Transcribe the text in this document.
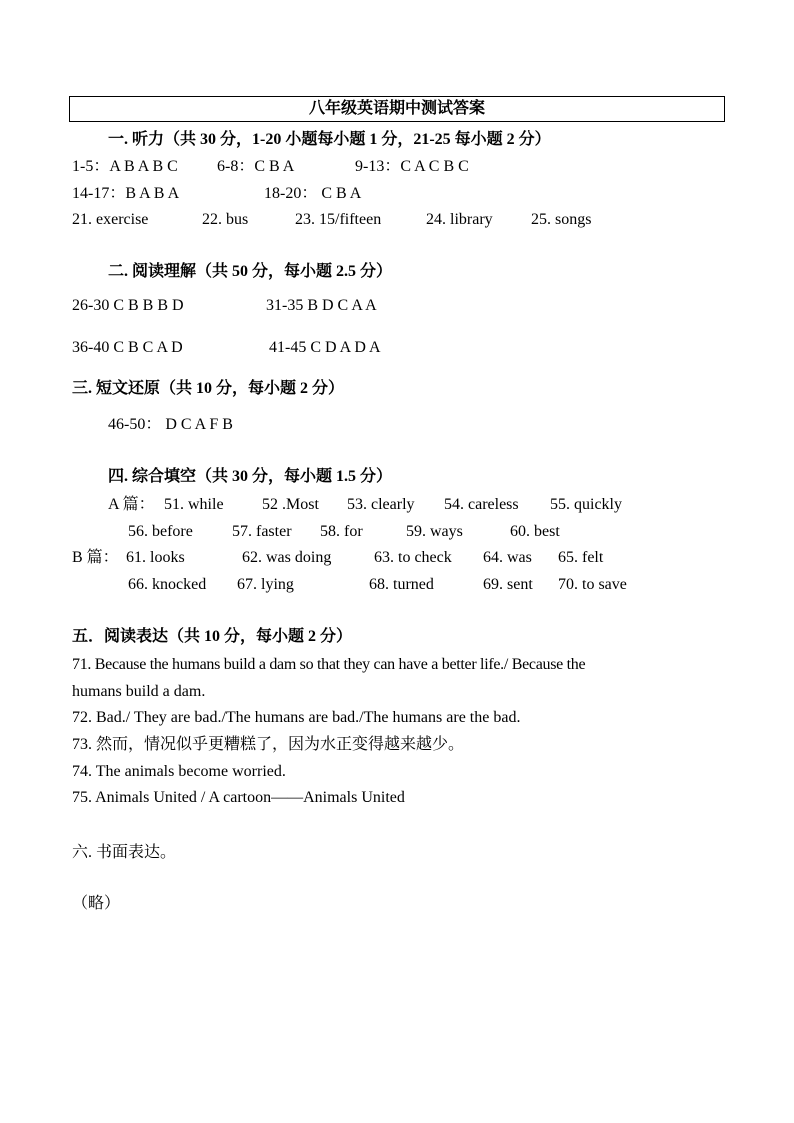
八年级英语期中测试答案
一. 听力（共 30 分，1-20 小题每小题 1 分，21-25 每小题 2 分）
1-5：A B A B C 6-8：C B A	9-13：C A C B C
14-17：B A B A	18-20： C B A
21. exercise	22. bus	23. 15/fifteen	24. library 25. songs
二. 阅读理解（共 50 分，每小题 2.5 分）
26-30 C B B B D	31-35 B D C A A
36-40 C B C A D	41-45 C D A D A
三. 短文还原（共 10 分，每小题 2 分）
46-50： D C A F B
四. 综合填空（共 30 分，每小题 1.5 分）
A 篇： 51. while 52 .Most 53. clearly 54. careless 55. quickly
56. before 57. faster 58. for	59. ways	60. best
B 篇： 61. looks	62. was doing	63. to check 64. was 65. felt
66. knocked 67. lying	68. turned	69. sent 70. to save
五．阅读表达（共 10 分，每小题 2 分）
71. Because the humans build a dam so that they can have a better life./ Because the
humans build a dam.
72. Bad./ They are bad./The humans are bad./The humans are the bad.
73. 然而，情况似乎更糟糕了，因为水正变得越来越少。
74. The animals become worried.
75. Animals United / A cartoon——Animals United
六. 书面表达。
（略）
